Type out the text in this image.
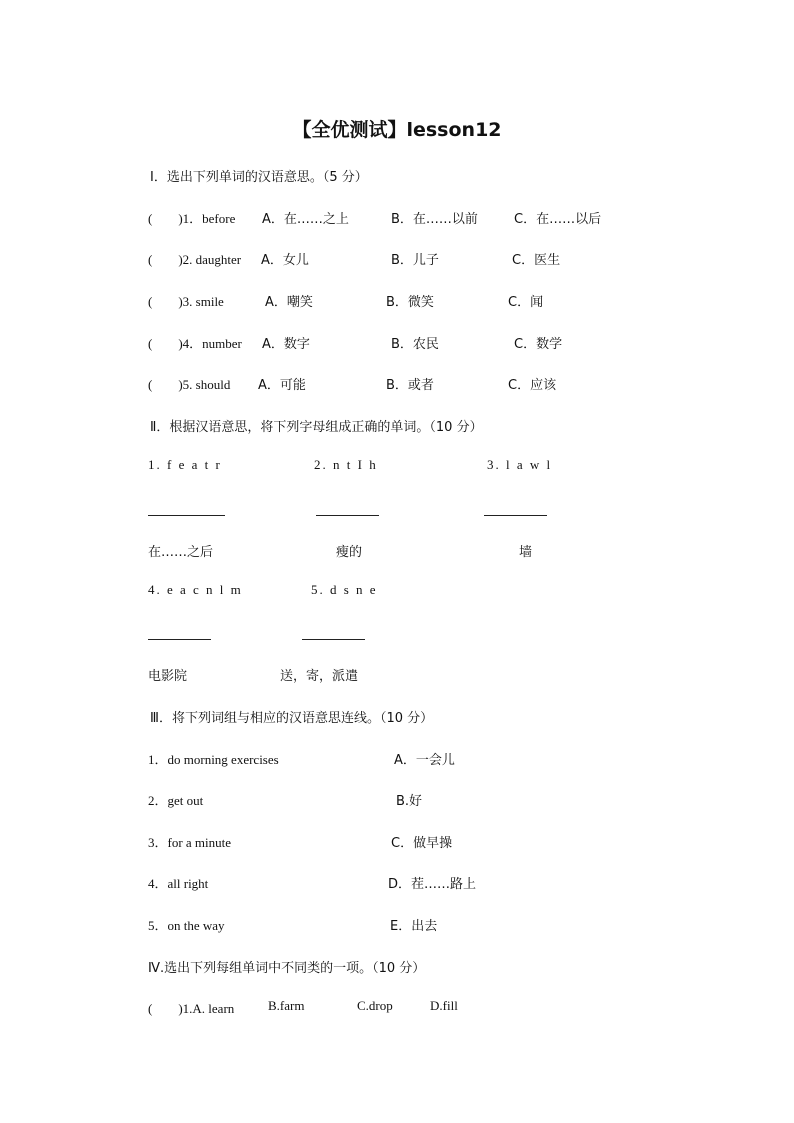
【全优测试】lesson12
Ⅰ．选出下列单词的汉语意思。（5 分）
(　　)1．before A．在……之上	B．在……以前	C．在……以后
(　　)2. daughter A．女儿	B．儿子	C．医生
(　　)3. smile	A．嘲笑	B．微笑	C．闻
(　　)4．number A．数字	B．农民	C．数学
(　　)5. should A．可能	B．或者	C．应该
Ⅱ．根据汉语意思，将下列字母组成正确的单词。（10 分）
1. f e a t r	2. n t I h	3. l a w l
在……之后	瘦的	墙
4. e a c n l m	5. d s n e
电影院	送，寄，派遣
Ⅲ．将下列词组与相应的汉语意思连线。（10 分）
1．do morning exercises	A．一会儿
2．get out	B.好
3．for a minute	C．做早操
4．all right	D．茬……路上
5．on the way	E．出去
Ⅳ.选出下列每组单词中不同类的一项。（10 分）
(　　)1.A. learn	B.farm	C.drop	D.fill
